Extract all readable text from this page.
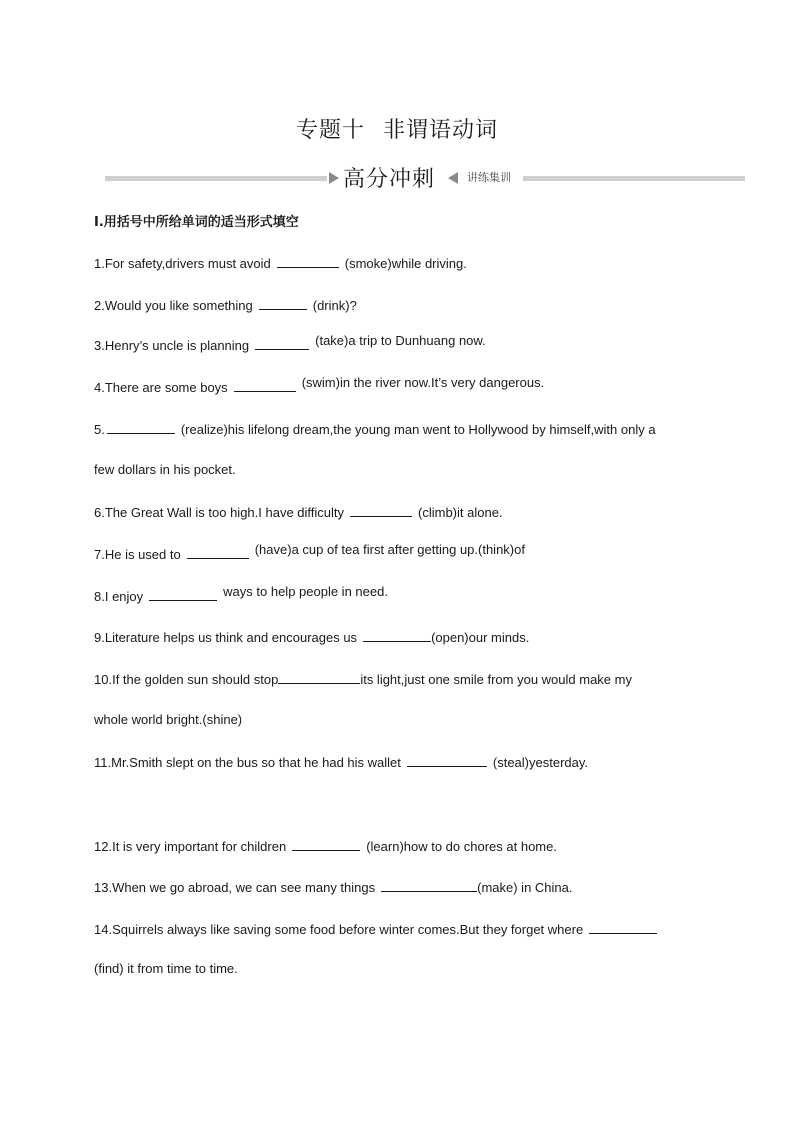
专题十 非谓语动词
高分冲刺	讲练集训
Ⅰ.用括号中所给单词的适当形式填空
1.For safety,drivers must avoid	(smoke)while driving.
2.Would you like something	(drink)?
3.Henry’s uncle is planning	(take)a trip to Dunhuang now.
4.There are some boys	(swim)in the river now.It’s very dangerous.
5.	(realize)his lifelong dream,the young man went to Hollywood by himself,with only a
few dollars in his pocket.
6.The Great Wall is too high.I have difficulty	(climb)it alone.
7.He is used to	(have)a cup of tea first after getting up.(think)of
8.I enjoy	ways to help people in need.
9.Literature helps us think and encourages us	(open)our minds.
10.If the golden sun should stop	its light,just one smile from you would make my
whole world bright.(shine)
11.Mr.Smith slept on the bus so that he had his wallet	(steal)yesterday.
12.It is very important for children	(learn)how to do chores at home.
13.When we go abroad, we can see many things	(make) in China.
14.Squirrels always like saving some food before winter comes.But they forget where
(find) it from time to time.
